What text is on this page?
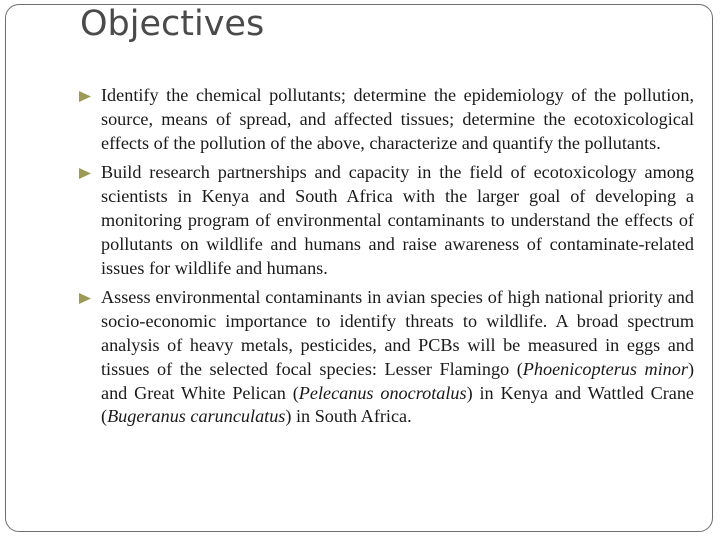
Objectives
Identify the chemical pollutants; determine the epidemiology of the pollution, source, means of spread, and affected tissues; determine the ecotoxicological effects of the pollution of the above, characterize and quantify the pollutants.
Build research partnerships and capacity in the field of ecotoxicology among scientists in Kenya and South Africa with the larger goal of developing a monitoring program of environmental contaminants to understand the effects of pollutants on wildlife and humans and raise awareness of contaminate-related issues for wildlife and humans.
Assess environmental contaminants in avian species of high national priority and socio-economic importance to identify threats to wildlife. A broad spectrum analysis of heavy metals, pesticides, and PCBs will be measured in eggs and tissues of the selected focal species: Lesser Flamingo (Phoenicopterus minor) and Great White Pelican (Pelecanus onocrotalus) in Kenya and Wattled Crane (Bugeranus carunculatus) in South Africa.
